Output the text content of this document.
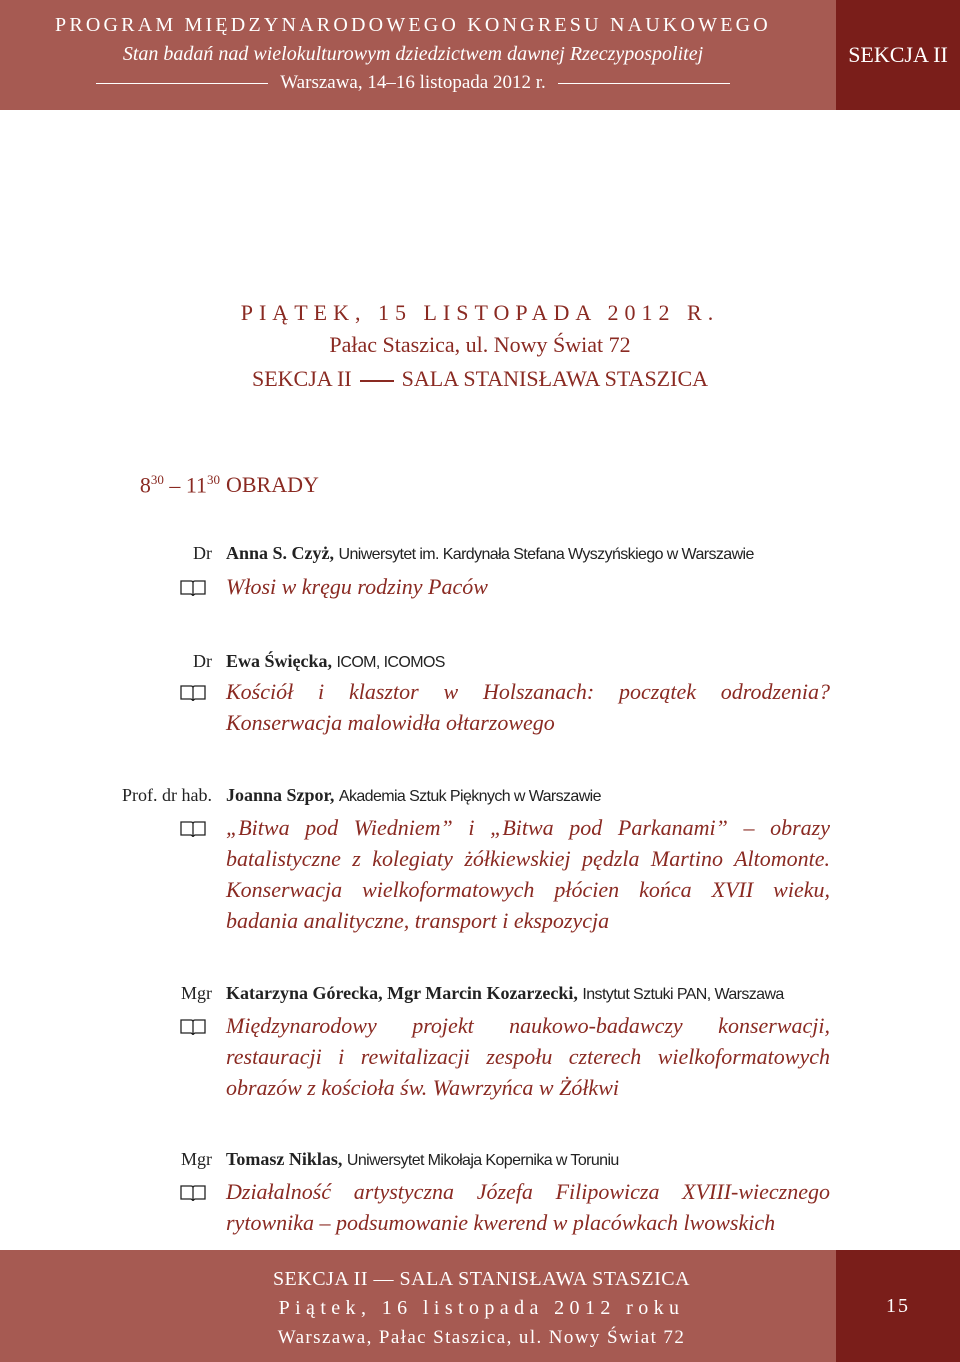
PROGRAM MIĘDZYNARODOWEGO KONGRESU NAUKOWEGO
Stan badań nad wielokulturowym dziedzictwem dawnej Rzeczypospolitej
Warszawa, 14–16 listopada 2012 r.
SEKCJA II
PIĄTEK, 15 LISTOPADA 2012 R.
Pałac Staszica, ul. Nowy Świat 72
SEKCJA II SALA STANISŁAWA STASZICA
$8^{30} - 11^{30}$ OBRADY
Dr Anna S. Czyż, Uniwersytet im. Kardynała Stefana Wyszyńskiego w Warszawie
Włosi w kręgu rodziny Paców
Dr Ewa Święcka, ICOM, ICOMOS
Kościół i klasztor w Holszanach: początek odrodzenia? Konserwacja malowidła ołtarzowego
Prof. dr hab. Joanna Szpor, Akademia Sztuk Pięknych w Warszawie
„Bitwa pod Wiedniem” i „Bitwa pod Parkanami” – obrazy batalistyczne z kolegiaty żółkiewskiej pędzla Martino Altomonte. Konserwacja wielkoformatowych płócien końca XVII wieku, badania analityczne, transport i ekspozycja
Mgr Katarzyna Górecka, Mgr Marcin Kozarzecki, Instytut Sztuki PAN, Warszawa
Międzynarodowy projekt naukowo-badawczy konserwacji, restauracji i rewitalizacji zespołu czterech wielkoformatowych obrazów z kościoła św. Wawrzyńca w Żółkwi
Mgr Tomasz Niklas, Uniwersytet Mikołaja Kopernika w Toruniu
Działalność artystyczna Józefa Filipowicza XVIII-wiecznego rytownika – podsumowanie kwerend w placówkach lwowskich
SEKCJA II — SALA STANISŁAWA STASZICA
Piątek, 16 listopada 2012 roku
Warszawa, Pałac Staszica, ul. Nowy Świat 72
15
